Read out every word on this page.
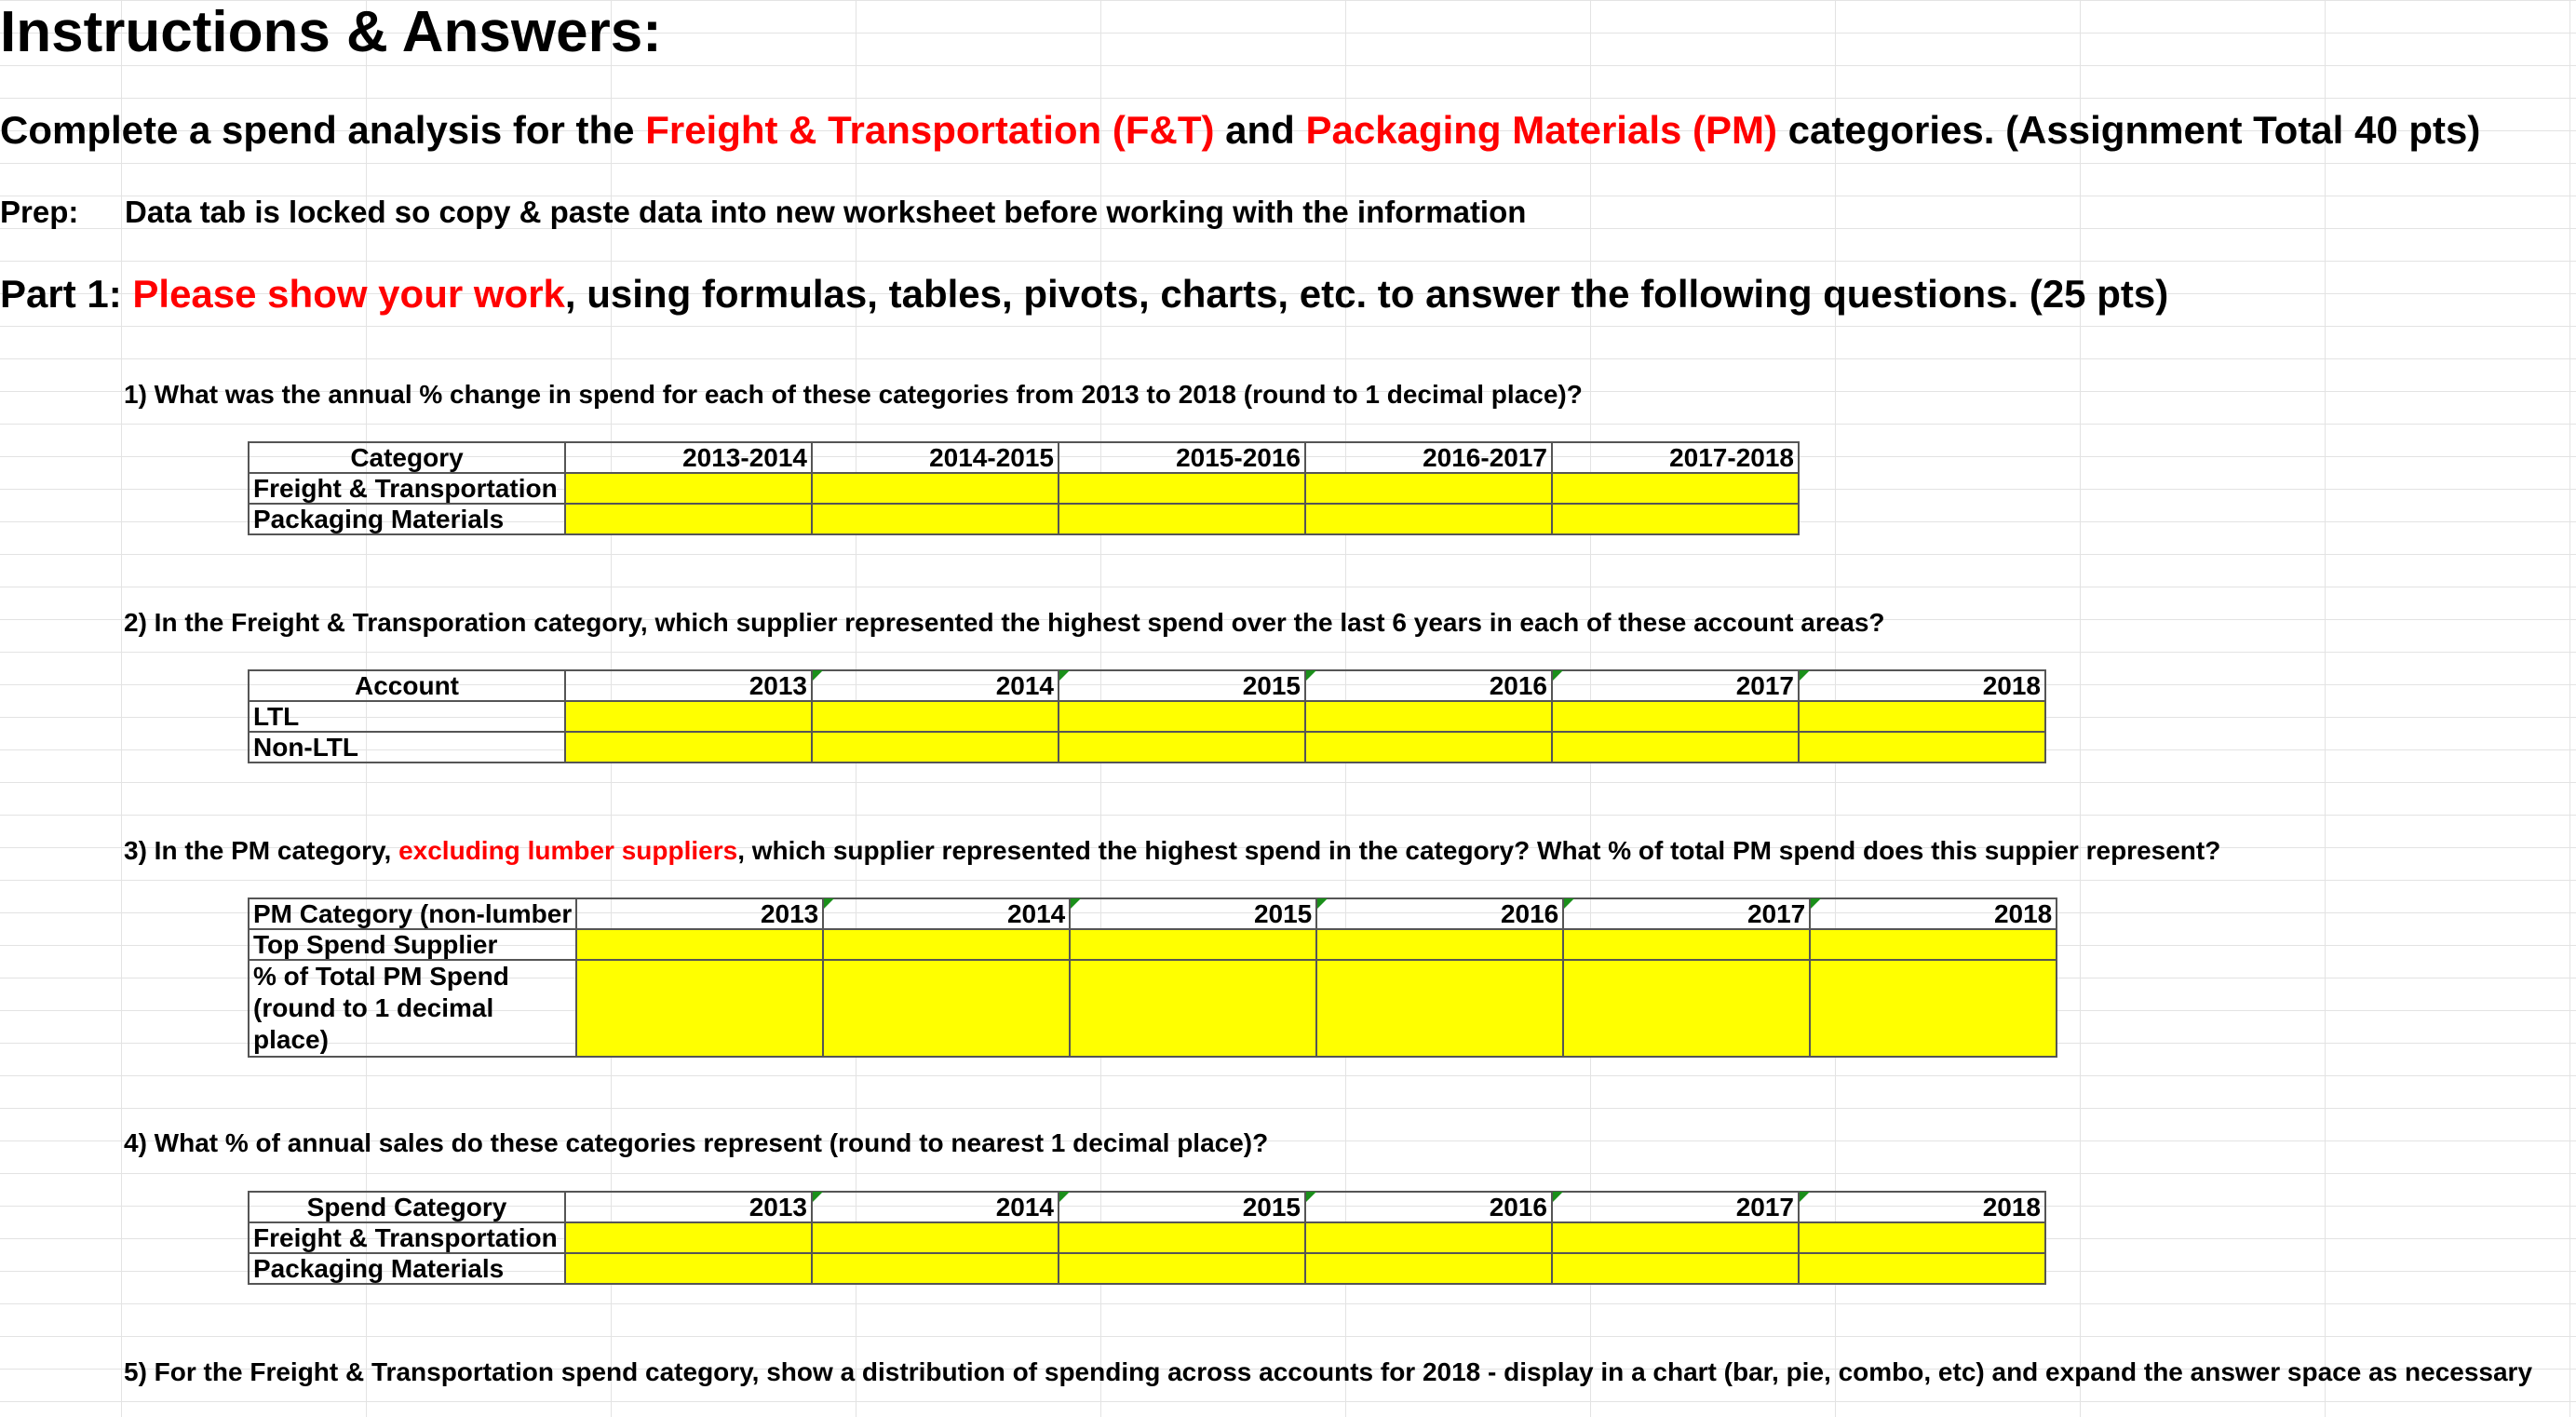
Instructions & Answers:
Complete a spend analysis for the Freight & Transportation (F&T) and Packaging Materials (PM) categories. (Assignment Total 40 pts)
Prep: Data tab is locked so copy & paste data into new worksheet before working with the information
Part 1: Please show your work, using formulas, tables, pivots, charts, etc. to answer the following questions. (25 pts)
1) What was the annual % change in spend for each of these categories from 2013 to 2018 (round to 1 decimal place)?
Category	2013-2014	2014-2015	2015-2016	2016-2017	2017-2018
Freight & Transportation					
Packaging Materials					
2) In the Freight & Transporation category, which supplier represented the highest spend over the last 6 years in each of these account areas?
Account	2013	2014	2015	2016	2017	2018
LTL						
Non-LTL						
3) In the PM category, excluding lumber suppliers, which supplier represented the highest spend in the category? What % of total PM spend does this suppier represent?
PM Category (non-lumber	2013	2014	2015	2016	2017	2018
Top Spend Supplier						
% of Total PM Spend (round to 1 decimal place)						
4) What % of annual sales do these categories represent (round to nearest 1 decimal place)?
Spend Category	2013	2014	2015	2016	2017	2018
Freight & Transportation						
Packaging Materials						
5) For the Freight & Transportation spend category, show a distribution of spending across accounts for 2018 - display in a chart (bar, pie, combo, etc) and expand the answer space as necessary
